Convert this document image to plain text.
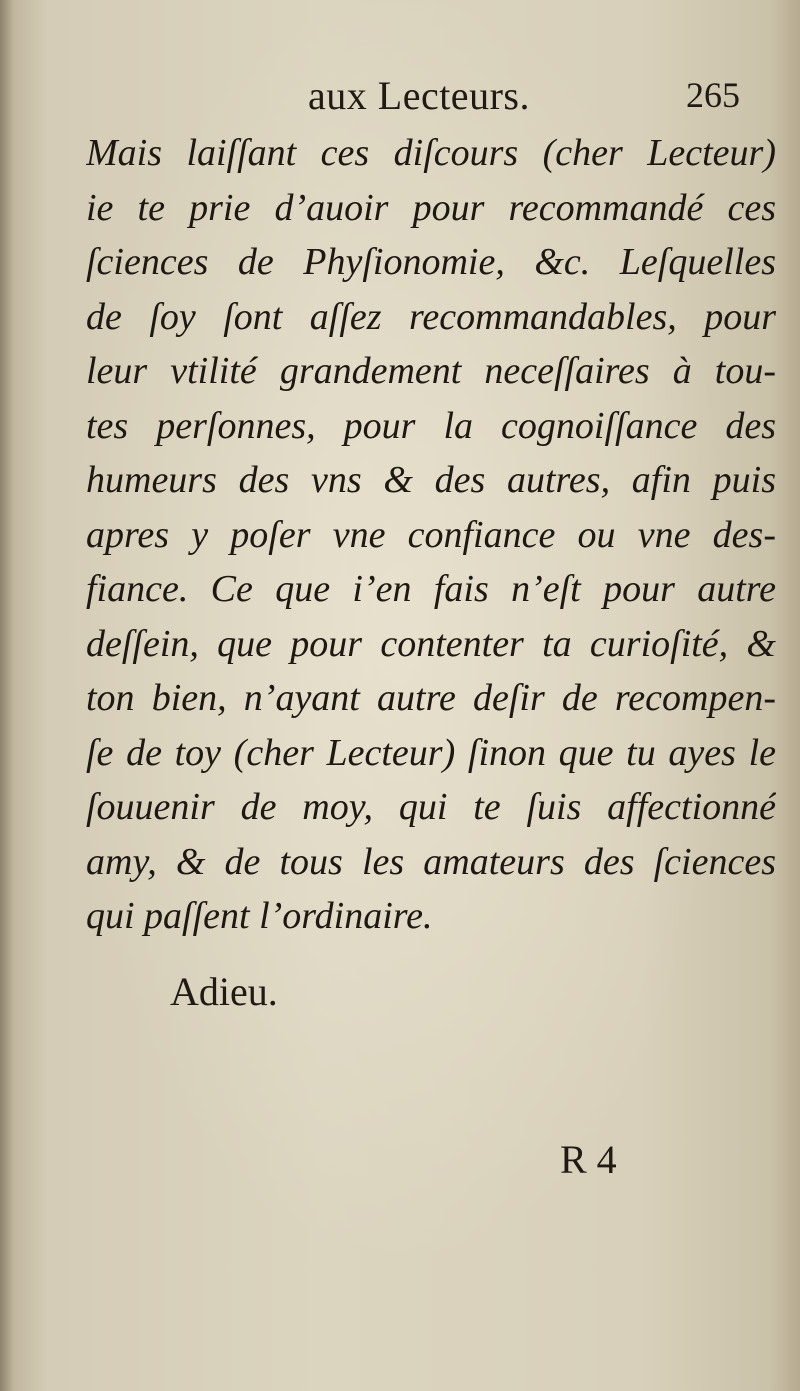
aux Lecteurs.	265
Mais laiſſant ces diſcours (cher Lecteur)
ie te prie d’auoir pour recommandé ces
ſciences de Phyſionomie, &c. Leſquelles
de ſoy ſont aſſez recommandables, pour
leur vtilité grandement neceſſaires à tou-
tes perſonnes, pour la cognoiſſance des
humeurs des vns & des autres, afin puis
apres y poſer vne confiance ou vne des-
fiance. Ce que i’en fais n’eſt pour autre
deſſein, que pour contenter ta curioſité, &
ton bien, n’ayant autre deſir de recompen-
ſe de toy (cher Lecteur) ſinon que tu ayes le
ſouuenir de moy, qui te ſuis affectionné
amy, & de tous les amateurs des ſciences
qui paſſent l’ordinaire.
Adieu.
R 4
